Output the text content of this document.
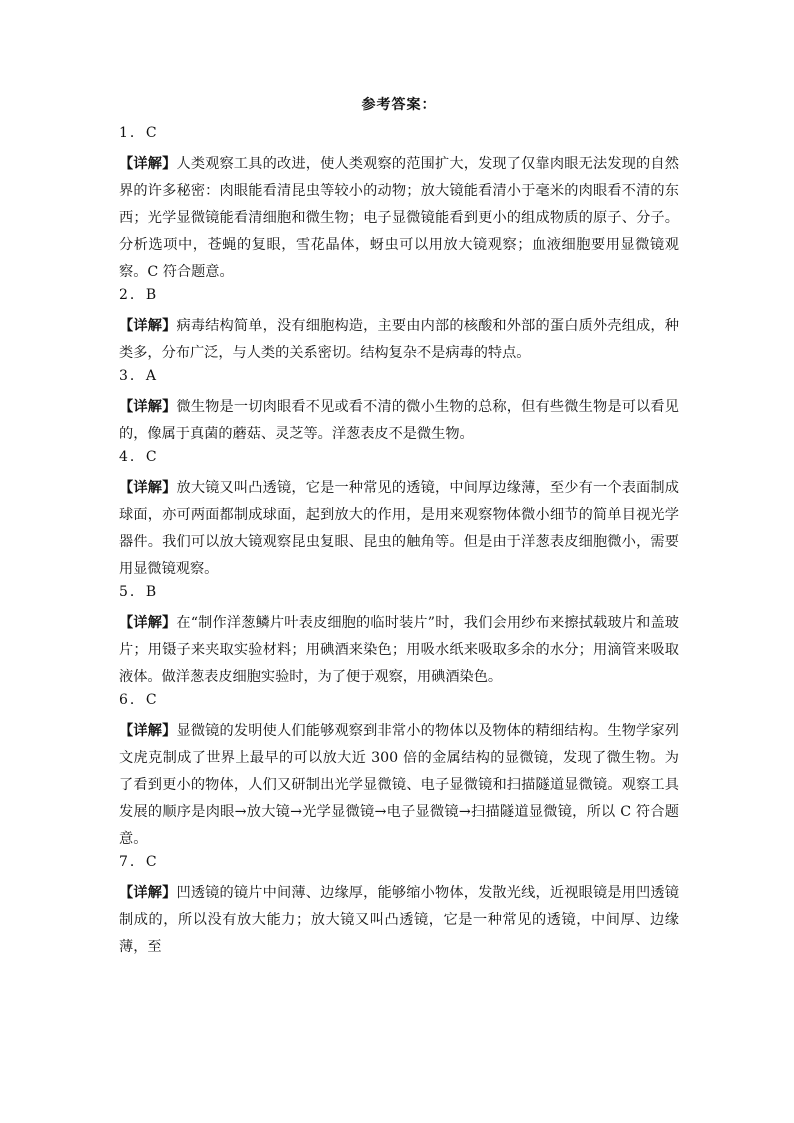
参考答案：
1．C

【详解】人类观察工具的改进，使人类观察的范围扩大，发现了仅靠肉眼无法发现的自然界的许多秘密：肉眼能看清昆虫等较小的动物；放大镜能看清小于毫米的肉眼看不清的东西；光学显微镜能看清细胞和微生物；电子显微镜能看到更小的组成物质的原子、分子。分析选项中，苍蝇的复眼，雪花晶体，蚜虫可以用放大镜观察；血液细胞要用显微镜观察。C 符合题意。

2．B

【详解】病毒结构简单，没有细胞构造，主要由内部的核酸和外部的蛋白质外壳组成，种类多，分布广泛，与人类的关系密切。结构复杂不是病毒的特点。

3．A

【详解】微生物是一切肉眼看不见或看不清的微小生物的总称，但有些微生物是可以看见的，像属于真菌的蘑菇、灵芝等。洋葱表皮不是微生物。

4．C

【详解】放大镜又叫凸透镜，它是一种常见的透镜，中间厚边缘薄，至少有一个表面制成球面，亦可两面都制成球面，起到放大的作用，是用来观察物体微小细节的简单目视光学器件。我们可以放大镜观察昆虫复眼、昆虫的触角等。但是由于洋葱表皮细胞微小，需要用显微镜观察。

5．B

【详解】在“制作洋葱鳞片叶表皮细胞的临时装片”时，我们会用纱布来擦拭载玻片和盖玻片；用镊子来夹取实验材料；用碘酒来染色；用吸水纸来吸取多余的水分；用滴管来吸取液体。做洋葱表皮细胞实验时，为了便于观察，用碘酒染色。

6．C

【详解】显微镜的发明使人们能够观察到非常小的物体以及物体的精细结构。生物学家列文虎克制成了世界上最早的可以放大近 300 倍的金属结构的显微镜，发现了微生物。为了看到更小的物体，人们又研制出光学显微镜、电子显微镜和扫描隧道显微镜。观察工具发展的顺序是肉眼→放大镜→光学显微镜→电子显微镜→扫描隧道显微镜，所以 C 符合题意。

7．C

【详解】凹透镜的镜片中间薄、边缘厚，能够缩小物体，发散光线，近视眼镜是用凹透镜制成的，所以没有放大能力；放大镜又叫凸透镜，它是一种常见的透镜，中间厚、边缘薄，至
